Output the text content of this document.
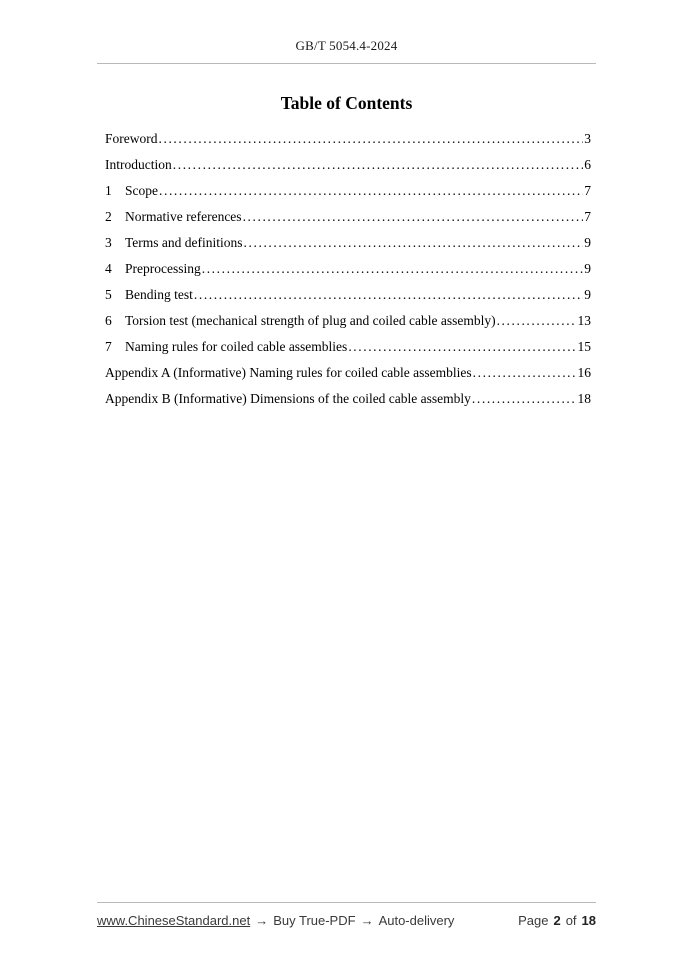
GB/T 5054.4-2024
Table of Contents
Foreword .....	3
Introduction .....	6
1 Scope .....	7
2 Normative references .....	7
3 Terms and definitions .....	9
4 Preprocessing .....	9
5 Bending test .....	9
6 Torsion test (mechanical strength of plug and coiled cable assembly) .....	13
7 Naming rules for coiled cable assemblies .....	15
Appendix A (Informative) Naming rules for coiled cable assemblies .....	16
Appendix B (Informative) Dimensions of the coiled cable assembly .....	18
www.ChineseStandard.net → Buy True-PDF → Auto-delivery	Page 2 of 18
